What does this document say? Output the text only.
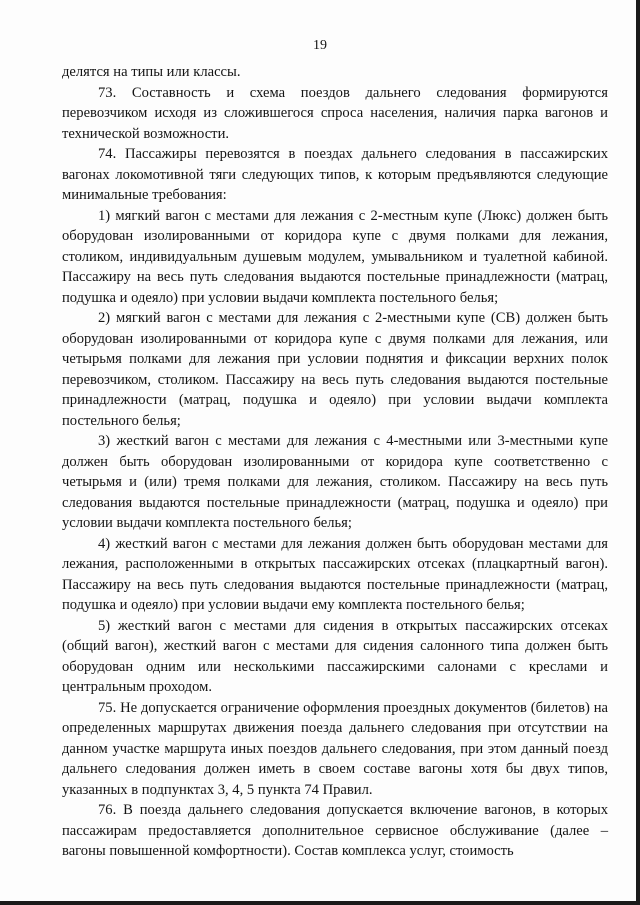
19

делятся на типы или классы.

73. Составность и схема поездов дальнего следования формируются перевозчиком исходя из сложившегося спроса населения, наличия парка вагонов и технической возможности.

74. Пассажиры перевозятся в поездах дальнего следования в пассажирских вагонах локомотивной тяги следующих типов, к которым предъявляются следующие минимальные требования:

1) мягкий вагон с местами для лежания с 2-местным купе (Люкс) должен быть оборудован изолированными от коридора купе с двумя полками для лежания, столиком, индивидуальным душевым модулем, умывальником и туалетной кабиной. Пассажиру на весь путь следования выдаются постельные принадлежности (матрац, подушка и одеяло) при условии выдачи комплекта постельного белья;

2) мягкий вагон с местами для лежания с 2-местными купе (СВ) должен быть оборудован изолированными от коридора купе с двумя полками для лежания, или четырьмя полками для лежания при условии поднятия и фиксации верхних полок перевозчиком, столиком. Пассажиру на весь путь следования выдаются постельные принадлежности (матрац, подушка и одеяло) при условии выдачи комплекта постельного белья;

3) жесткий вагон с местами для лежания с 4-местными или 3-местными купе должен быть оборудован изолированными от коридора купе соответственно с четырьмя и (или) тремя полками для лежания, столиком. Пассажиру на весь путь следования выдаются постельные принадлежности (матрац, подушка и одеяло) при условии выдачи комплекта постельного белья;

4) жесткий вагон с местами для лежания должен быть оборудован местами для лежания, расположенными в открытых пассажирских отсеках (плацкартный вагон). Пассажиру на весь путь следования выдаются постельные принадлежности (матрац, подушка и одеяло) при условии выдачи ему комплекта постельного белья;

5) жесткий вагон с местами для сидения в открытых пассажирских отсеках (общий вагон), жесткий вагон с местами для сидения салонного типа должен быть оборудован одним или несколькими пассажирскими салонами с креслами и центральным проходом.

75. Не допускается ограничение оформления проездных документов (билетов) на определенных маршрутах движения поезда дальнего следования при отсутствии на данном участке маршрута иных поездов дальнего следования, при этом данный поезд дальнего следования должен иметь в своем составе вагоны хотя бы двух типов, указанных в подпунктах 3, 4, 5 пункта 74 Правил.

76. В поезда дальнего следования допускается включение вагонов, в которых пассажирам предоставляется дополнительное сервисное обслуживание (далее – вагоны повышенной комфортности). Состав комплекса услуг, стоимость
